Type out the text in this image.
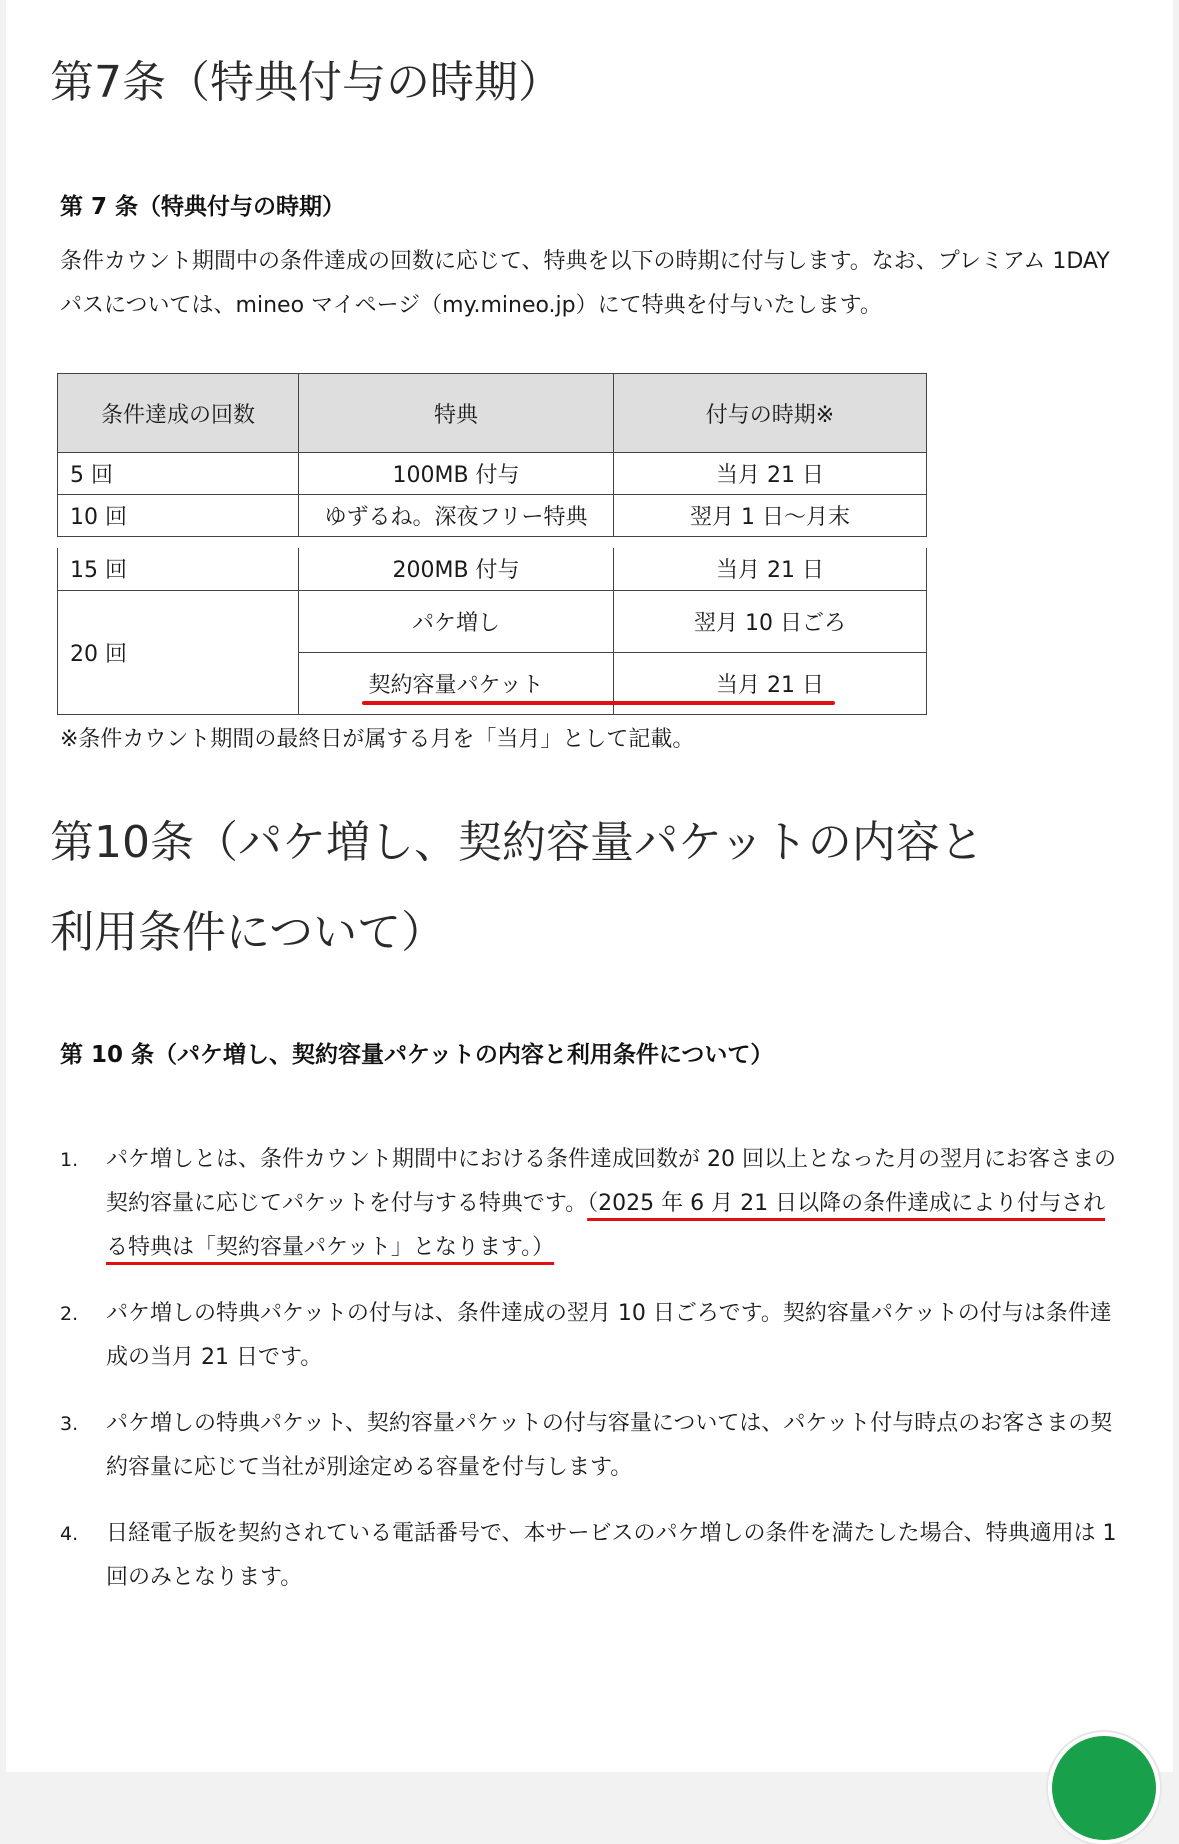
第7条（特典付与の時期）
第 7 条（特典付与の時期）
条件カウント期間中の条件達成の回数に応じて、特典を以下の時期に付与します。なお、プレミアム 1DAY パスについては、mineo マイページ（my.mineo.jp）にて特典を付与いたします。
条件達成の回数	特典	付与の時期※
5 回	100MB 付与	当月 21 日
10 回	ゆずるね。深夜フリー特典	翌月 1 日～月末
15 回	200MB 付与	当月 21 日
20 回	パケ増し	翌月 10 日ごろ
	契約容量パケット	当月 21 日
※条件カウント期間の最終日が属する月を「当月」として記載。
第10条（パケ増し、契約容量パケットの内容と利用条件について）
第 10 条（パケ増し、契約容量パケットの内容と利用条件について）
1. パケ増しとは、条件カウント期間中における条件達成回数が 20 回以上となった月の翌月にお客さまの契約容量に応じてパケットを付与する特典です。（2025 年 6 月 21 日以降の条件達成により付与される特典は「契約容量パケット」となります。）
2. パケ増しの特典パケットの付与は、条件達成の翌月 10 日ごろです。契約容量パケットの付与は条件達成の当月 21 日です。
3. パケ増しの特典パケット、契約容量パケットの付与容量については、パケット付与時点のお客さまの契約容量に応じて当社が別途定める容量を付与します。
4. 日経電子版を契約されている電話番号で、本サービスのパケ増しの条件を満たした場合、特典適用は 1 回のみとなります。
